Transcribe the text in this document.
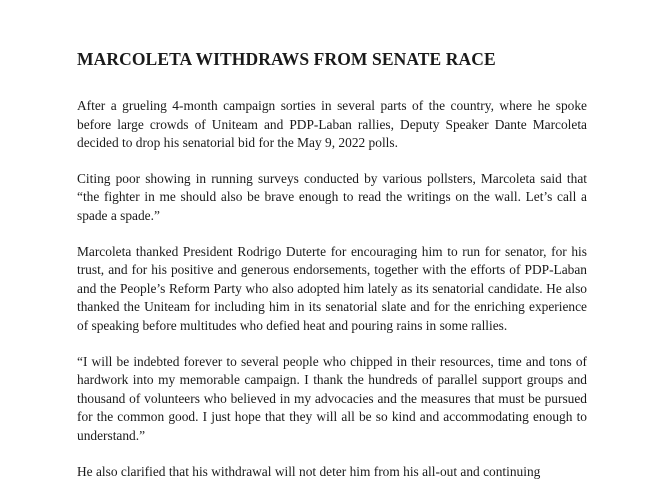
MARCOLETA WITHDRAWS FROM SENATE RACE

After a grueling 4-month campaign sorties in several parts of the country, where he spoke before large crowds of Uniteam and PDP-Laban rallies, Deputy Speaker Dante Marcoleta decided to drop his senatorial bid for the May 9, 2022 polls.

Citing poor showing in running surveys conducted by various pollsters, Marcoleta said that “the fighter in me should also be brave enough to read the writings on the wall. Let’s call a spade a spade.”

Marcoleta thanked President Rodrigo Duterte for encouraging him to run for senator, for his trust, and for his positive and generous endorsements, together with the efforts of PDP-Laban and the People’s Reform Party who also adopted him lately as its senatorial candidate. He also thanked the Uniteam for including him in its senatorial slate and for the enriching experience of speaking before multitudes who defied heat and pouring rains in some rallies.

“I will be indebted forever to several people who chipped in their resources, time and tons of hardwork into my memorable campaign. I thank the hundreds of parallel support groups and thousand of volunteers who believed in my advocacies and the measures that must be pursued for the common good. I just hope that they will all be so kind and accommodating enough to understand.”

He also clarified that his withdrawal will not deter him from his all-out and continuing
